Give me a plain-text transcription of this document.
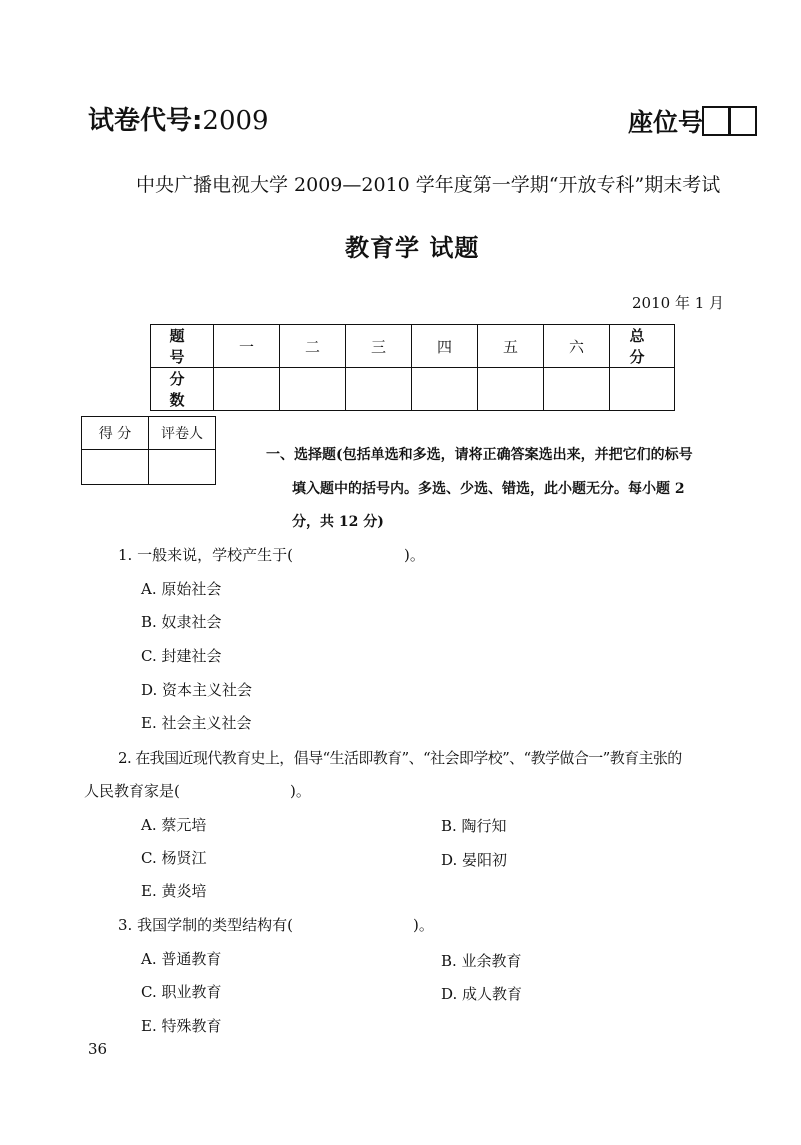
试卷代号:2009	座位号
中央广播电视大学 2009—2010 学年度第一学期“开放专科”期末考试
教育学 试题
2010 年 1 月
题 号	一	二	三	四	五	六	总 分
分 数							
得 分	评卷人

一、选择题(包括单选和多选，请将正确答案选出来，并把它们的标号
填入题中的括号内。多选、少选、错选，此小题无分。每小题 2
分，共 12 分)
1. 一般来说，学校产生于(	)。
A. 原始社会
B. 奴隶社会
C. 封建社会
D. 资本主义社会
E. 社会主义社会
2. 在我国近现代教育史上，倡导“生活即教育”、“社会即学校”、“教学做合一”教育主张的
人民教育家是(	)。
A. 蔡元培	B. 陶行知
C. 杨贤江	D. 晏阳初
E. 黄炎培
3. 我国学制的类型结构有(	)。
A. 普通教育	B. 业余教育
C. 职业教育	D. 成人教育
E. 特殊教育
36
